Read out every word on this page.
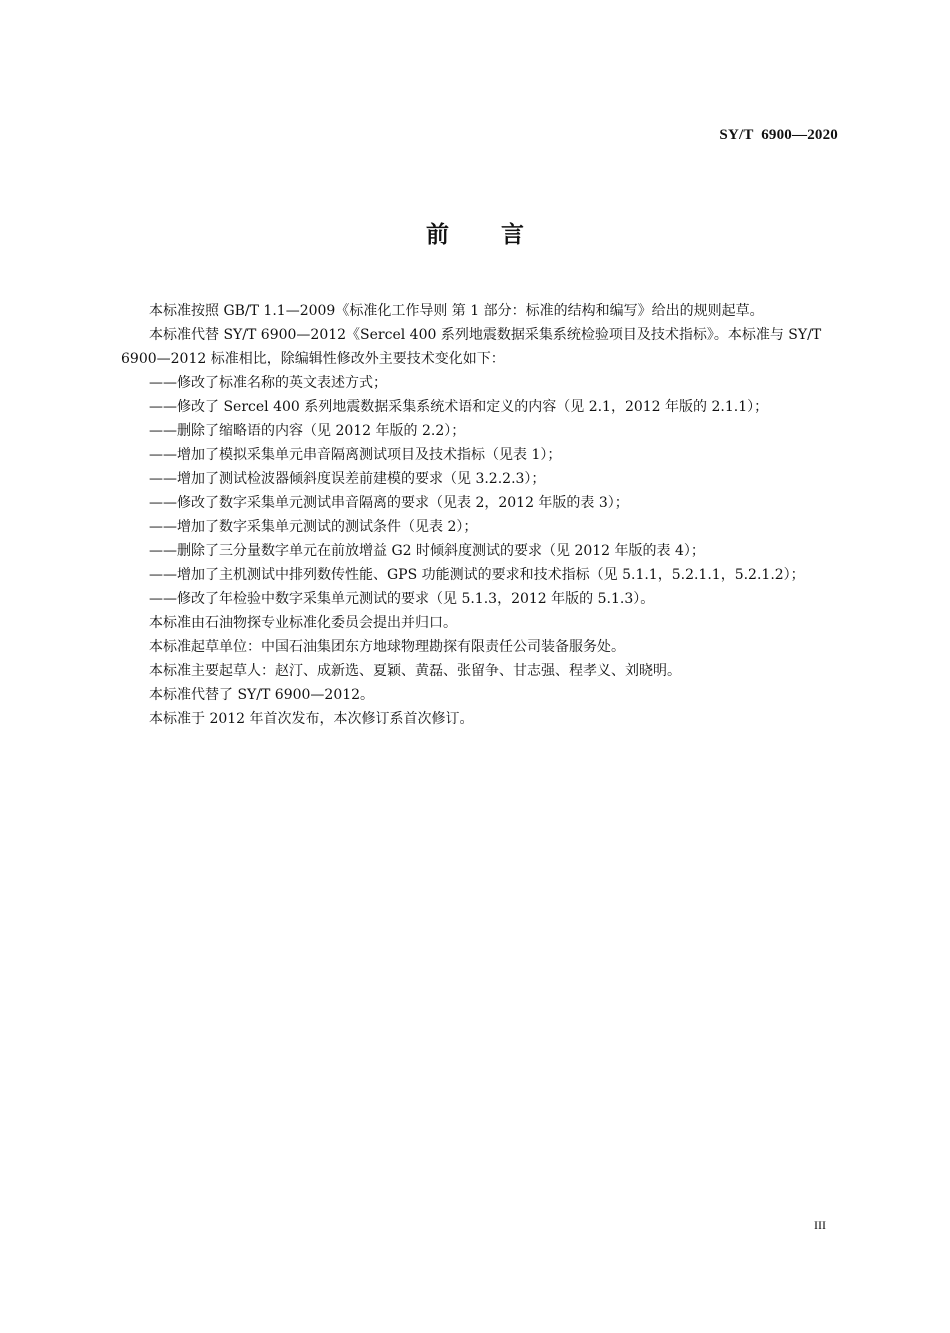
SY/T  6900—2020
前言

本标准按照 GB/T 1.1—2009《标准化工作导则 第 1 部分：标准的结构和编写》给出的规则起草。

本标准代替 SY/T 6900—2012《Sercel 400 系列地震数据采集系统检验项目及技术指标》。本标准与 SY/T 6900—2012 标准相比，除编辑性修改外主要技术变化如下：

——修改了标准名称的英文表述方式；

——修改了 Sercel 400 系列地震数据采集系统术语和定义的内容（见 2.1，2012 年版的 2.1.1）；

——删除了缩略语的内容（见 2012 年版的 2.2）；

——增加了模拟采集单元串音隔离测试项目及技术指标（见表 1）；

——增加了测试检波器倾斜度误差前建模的要求（见 3.2.2.3）；

——修改了数字采集单元测试串音隔离的要求（见表 2，2012 年版的表 3）；

——增加了数字采集单元测试的测试条件（见表 2）；

——删除了三分量数字单元在前放增益 G2 时倾斜度测试的要求（见 2012 年版的表 4）；

——增加了主机测试中排列数传性能、GPS 功能测试的要求和技术指标（见 5.1.1，5.2.1.1，5.2.1.2）；

——修改了年检验中数字采集单元测试的要求（见 5.1.3，2012 年版的 5.1.3）。

本标准由石油物探专业标准化委员会提出并归口。

本标准起草单位：中国石油集团东方地球物理勘探有限责任公司装备服务处。

本标准主要起草人：赵汀、成新选、夏颖、黄磊、张留争、甘志强、程孝义、刘晓明。

本标准代替了 SY/T 6900—2012。

本标准于 2012 年首次发布，本次修订系首次修订。

III
